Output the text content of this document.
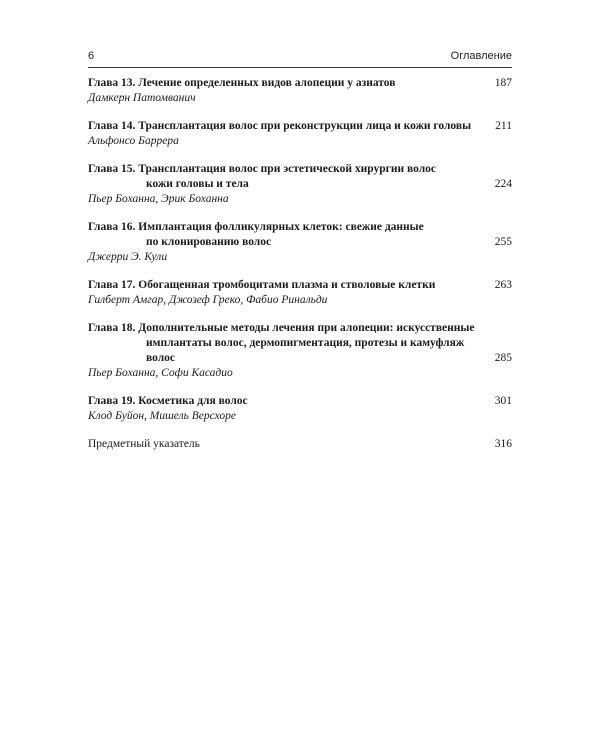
6	Оглавление
Глава 13. Лечение определенных видов алопеции у азиатов
Дамкерн Патомванич
187
Глава 14. Трансплантация волос при реконструкции лица и кожи головы
Альфонсо Баррера
211
Глава 15. Трансплантация волос при эстетической хирургии волос
кожи головы и тела
Пьер Боханна, Эрик Боханна
224
Глава 16. Имплантация фолликулярных клеток: свежие данные
по клонированию волос
Джерри Э. Кули
255
Глава 17. Обогащенная тромбоцитами плазма и стволовые клетки
Гилберт Амгар, Джозеф Греко, Фабио Ринальди
263
Глава 18. Дополнительные методы лечения при алопеции: искусственные
имплантаты волос, дермопигментация, протезы и камуфляж волос
Пьер Боханна, Софи Касадио
285
Глава 19. Косметика для волос
Клод Буйон, Мишель Версхоре
301
Предметный указатель	316
